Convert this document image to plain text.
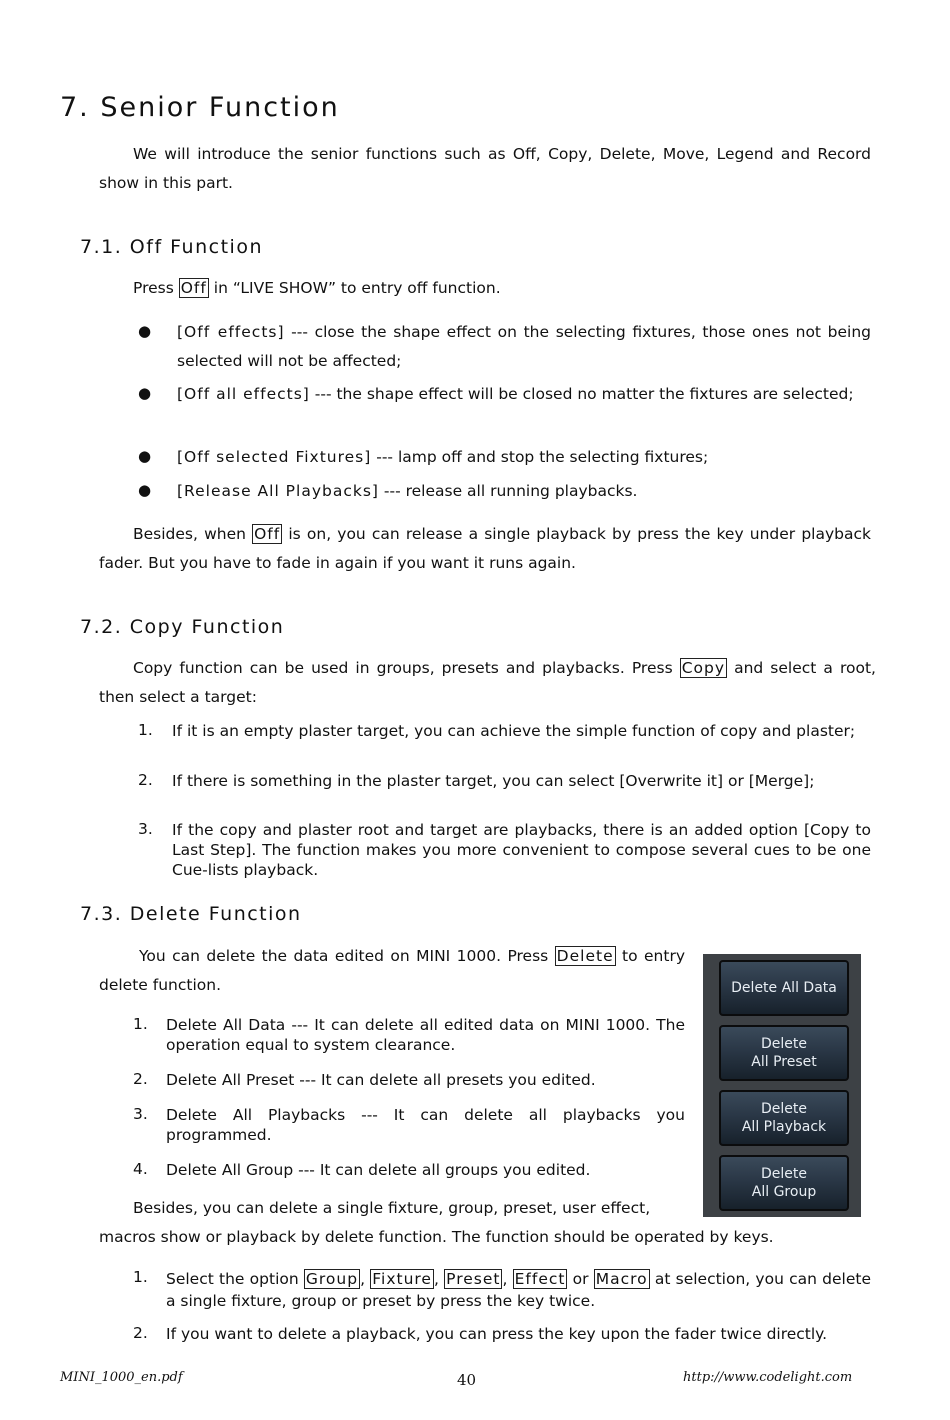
7. Senior Function

We will introduce the senior functions such as Off, Copy, Delete, Move, Legend and Record show in this part.

7.1. Off Function

Press Off in “LIVE SHOW” to entry off function.

● [Off effects] --- close the shape effect on the selecting fixtures, those ones not being selected will not be affected;

● [Off all effects] --- the shape effect will be closed no matter the fixtures are selected;

● [Off selected Fixtures] --- lamp off and stop the selecting fixtures;

● [Release All Playbacks] --- release all running playbacks.

Besides, when Off is on, you can release a single playback by press the key under playback fader. But you have to fade in again if you want it runs again.

7.2. Copy Function

Copy function can be used in groups, presets and playbacks. Press Copy and select a root, then select a target:

1. If it is an empty plaster target, you can achieve the simple function of copy and plaster;

2. If there is something in the plaster target, you can select [Overwrite it] or [Merge];

3. If the copy and plaster root and target are playbacks, there is an added option [Copy to Last Step]. The function makes you more convenient to compose several cues to be one Cue-lists playback.

7.3. Delete Function

You can delete the data edited on MINI 1000. Press Delete to entry delete function.

1. Delete All Data --- It can delete all edited data on MINI 1000. The operation equal to system clearance.

2. Delete All Preset --- It can delete all presets you edited.

3. Delete All Playbacks --- It can delete all playbacks you programmed.

4. Delete All Group --- It can delete all groups you edited.

Besides, you can delete a single fixture, group, preset, user effect,

macros show or playback by delete function. The function should be operated by keys.

1. Select the option Group , Fixture , Preset , Effect or Macro at selection, you can delete a single fixture, group or preset by press the key twice.

2. If you want to delete a playback, you can press the key upon the fader twice directly.

Delete All Data
Delete
All Preset
Delete
All Playback
Delete
All Group
MINI_1000_en.pdf	40	http://www.codelight.com
